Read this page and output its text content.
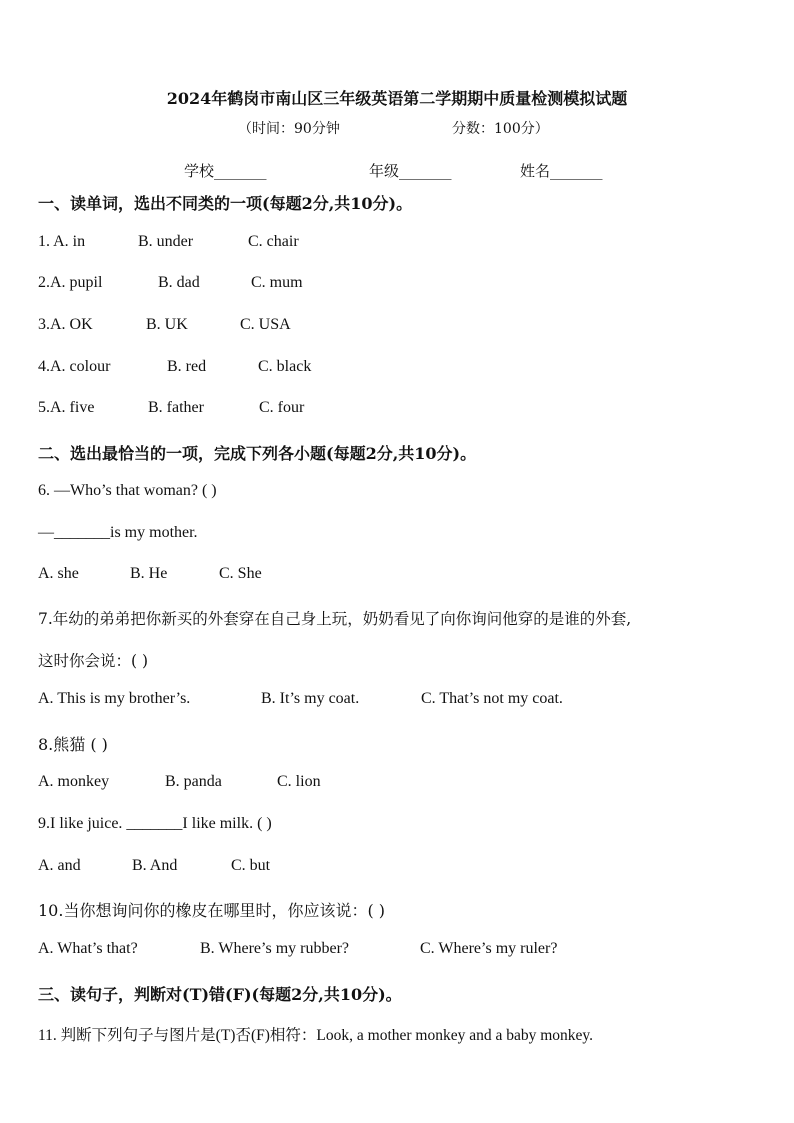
2024年鹤岗市南山区三年级英语第二学期期中质量检测模拟试题
（时间：90分钟	分数：100分）
学校_______	年级_______	姓名_______
一、读单词，选出不同类的一项(每题2分,共10分)。
1. A. in	B. under	C. chair
2.A. pupil	B. dad	C. mum
3.A. OK	B. UK	C. USA
4.A. colour	B. red	C. black
5.A. five	B. father	C. four
二、选出最恰当的一项，完成下列各小题(每题2分,共10分)。
6. —Who’s that woman? ( )
—_______is my mother.
A. she	B. He	C. She
7.年幼的弟弟把你新买的外套穿在自己身上玩，奶奶看见了向你询问他穿的是谁的外套,
这时你会说：( )
A. This is my brother’s.	B. It’s my coat.	C. That’s not my coat.
8.熊猫 ( )
A. monkey	B. panda	C. lion
9.I like juice. _______I like milk. ( )
A. and	B. And	C. but
10.当你想询问你的橡皮在哪里时，你应该说：( )
A. What’s that?	B. Where’s my rubber?	C. Where’s my ruler?
三、读句子，判断对(T)错(F)(每题2分,共10分)。
11. 判断下列句子与图片是(T)否(F)相符：Look, a mother monkey and a baby monkey.
